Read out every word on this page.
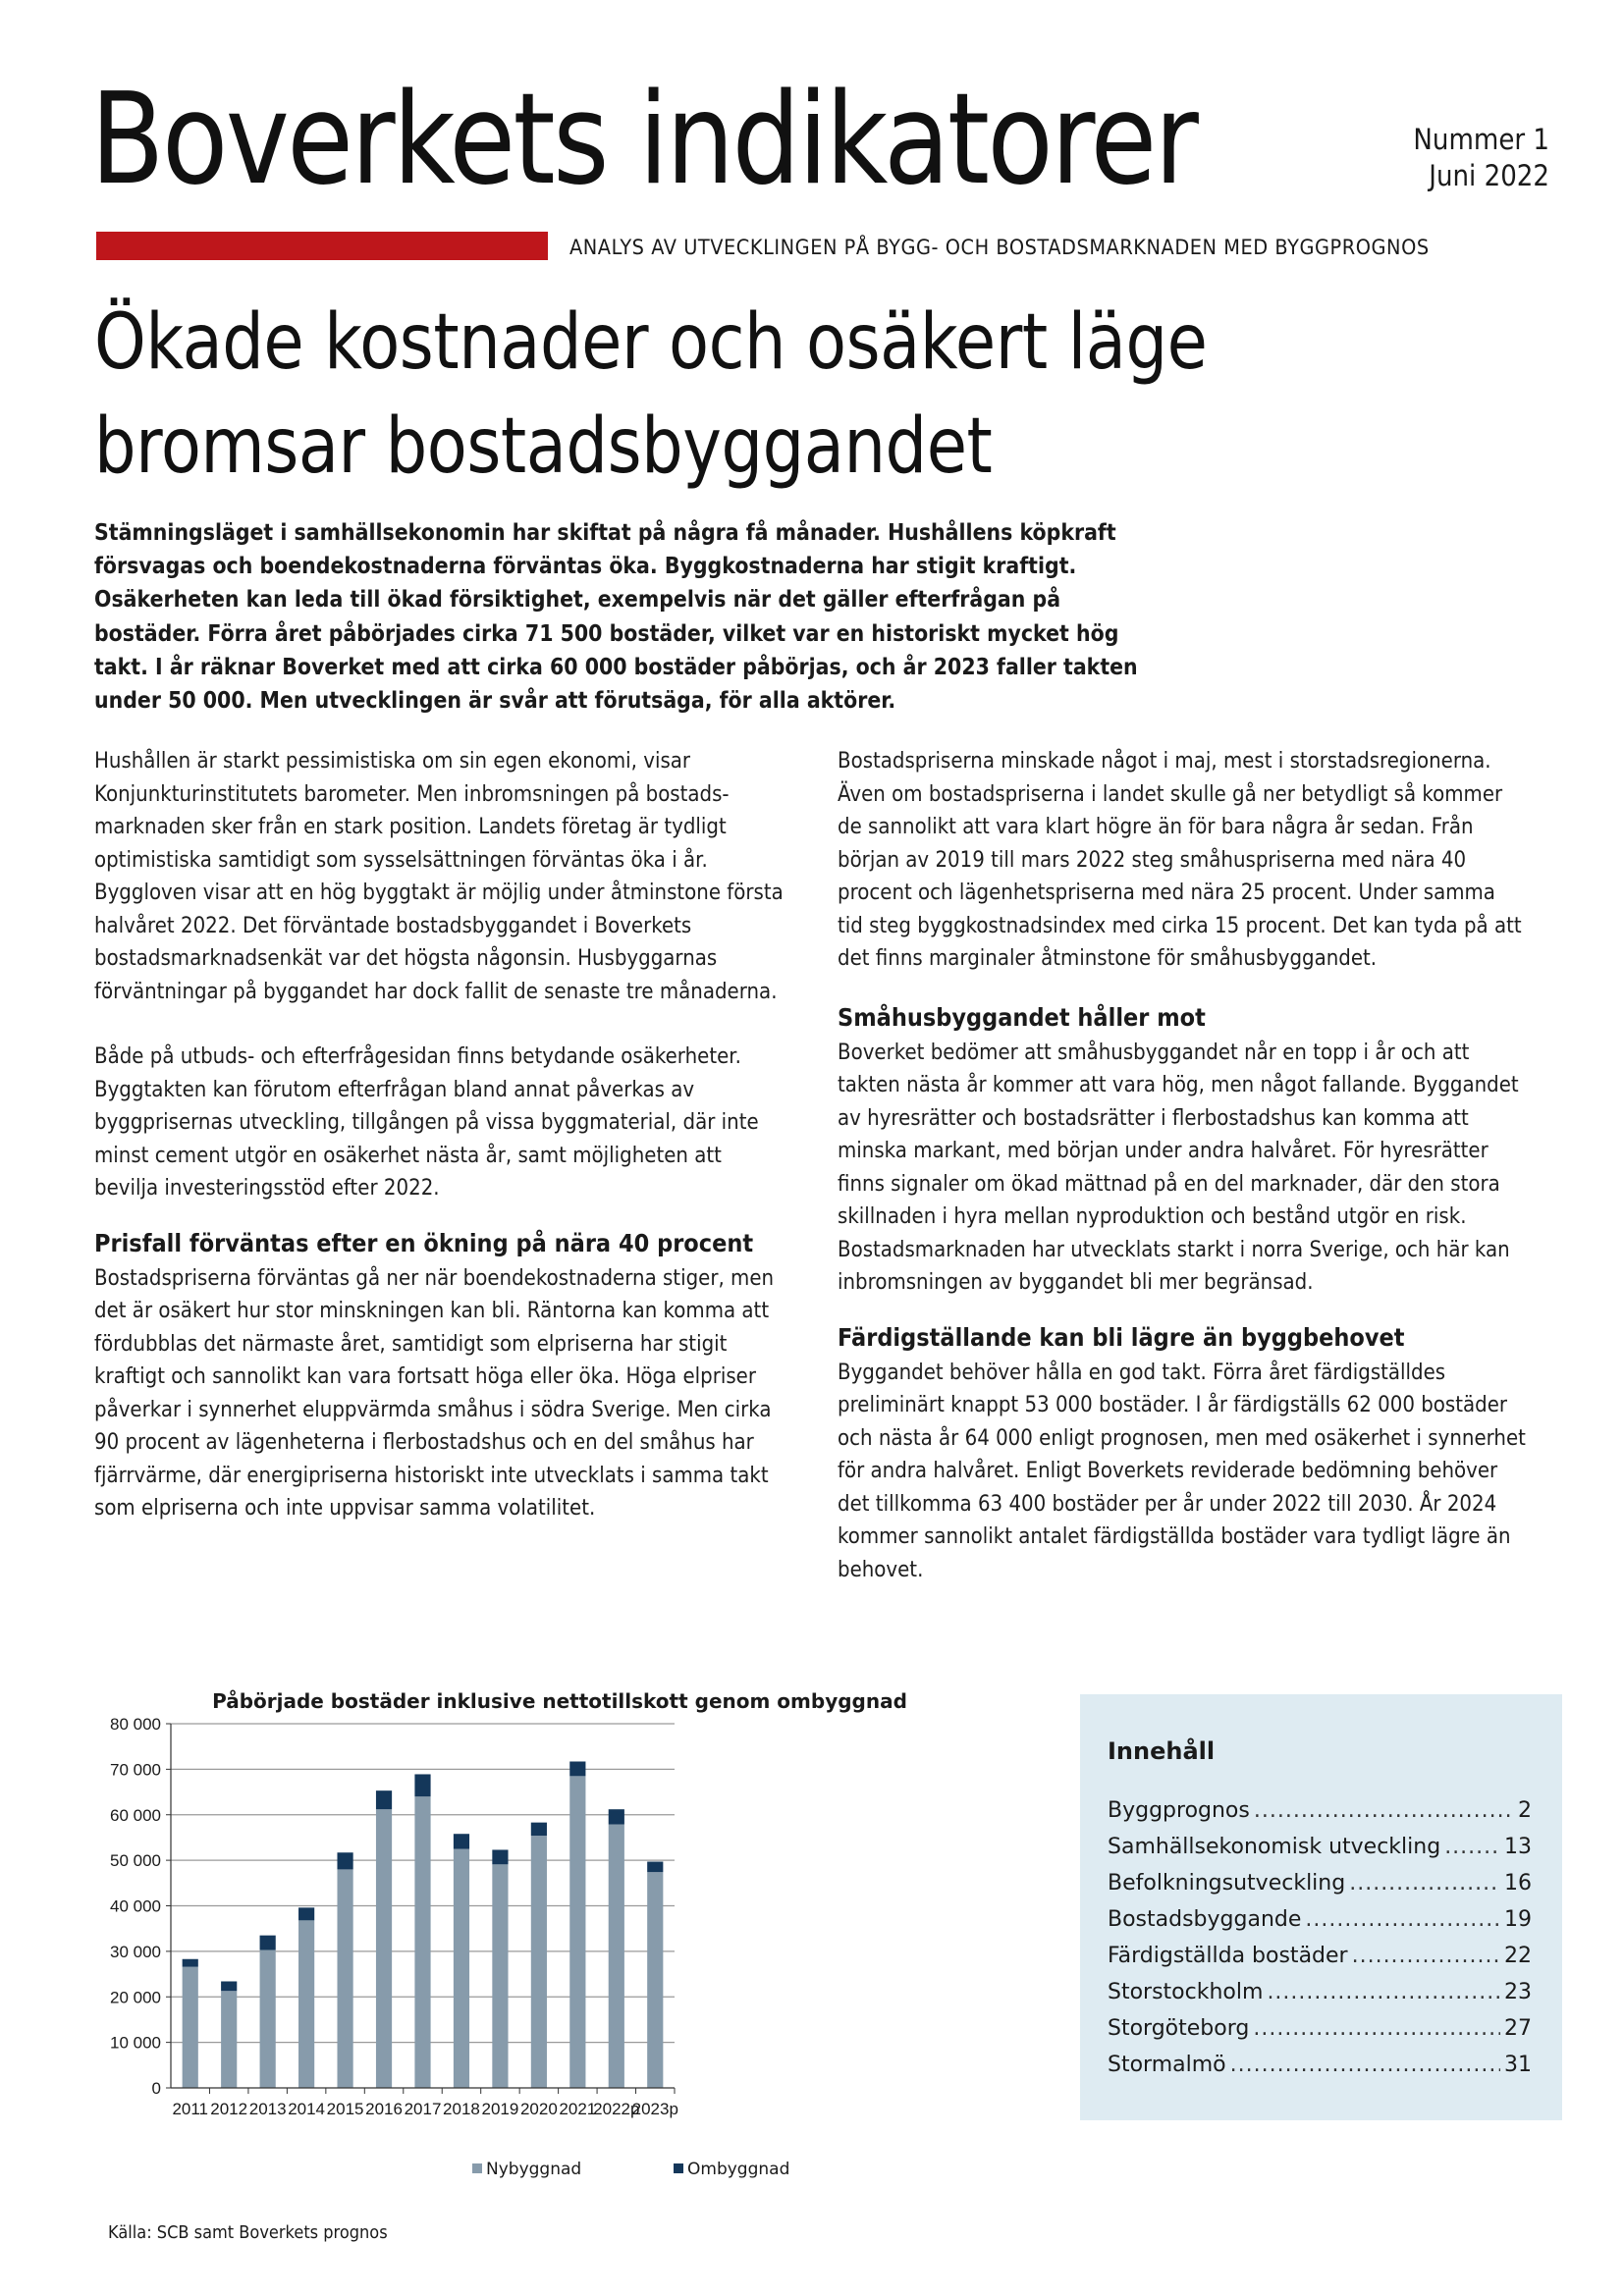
Boverkets indikatorer	Nummer 1
Juni 2022
ANALYS AV UTVECKLINGEN PÅ BYGG- OCH BOSTADSMARKNADEN MED BYGGPROGNOS
Ökade kostnader och osäkert läge
bromsar bostadsbyggandet
Stämningsläget i samhällsekonomin har skiftat på några få månader. Hushållens köpkraft försvagas och boendekostnaderna förväntas öka. Byggkostnaderna har stigit kraftigt. Osäkerheten kan leda till ökad försiktighet, exempelvis när det gäller efterfrågan på bostäder. Förra året påbörjades cirka 71 500 bostäder, vilket var en historiskt mycket hög takt. I år räknar Boverket med att cirka 60 000 bostäder påbörjas, och år 2023 faller takten under 50 000. Men utvecklingen är svår att förutsäga, för alla aktörer.

Hushållen är starkt pessimistiska om sin egen ekonomi, visar Konjunkturinstitutets barometer. Men inbromsningen på bostadsmarknaden sker från en stark position. Landets företag är tydligt optimistiska samtidigt som sysselsättningen förväntas öka i år. Byggloven visar att en hög byggtakt är möjlig under åtminstone första halvåret 2022. Det förväntade bostadsbyggandet i Boverkets bostadsmarknadsenkät var det högsta någonsin. Husbyggarnas förväntningar på byggandet har dock fallit de senaste tre månaderna.

Både på utbuds- och efterfrågesidan finns betydande osäkerheter. Byggtakten kan förutom efterfrågan bland annat påverkas av byggprisernas utveckling, tillgången på vissa byggmaterial, där inte minst cement utgör en osäkerhet nästa år, samt möjligheten att bevilja investeringsstöd efter 2022.

Prisfall förväntas efter en ökning på nära 40 procent

Bostadspriserna förväntas gå ner när boendekostnaderna stiger, men det är osäkert hur stor minskningen kan bli. Räntorna kan komma att fördubblas det närmaste året, samtidigt som elpriserna har stigit kraftigt och sannolikt kan vara fortsatt höga eller öka. Höga elpriser påverkar i synnerhet eluppvärmda småhus i södra Sverige. Men cirka 90 procent av lägenheterna i flerbostadshus och en del småhus har fjärrvärme, där energipriserna historiskt inte utvecklats i samma takt som elpriserna och inte uppvisar samma volatilitet.

Bostadspriserna minskade något i maj, mest i storstadsregionerna. Även om bostadspriserna i landet skulle gå ner betydligt så kommer de sannolikt att vara klart högre än för bara några år sedan. Från början av 2019 till mars 2022 steg småhuspriserna med nära 40 procent och lägenhetspriserna med nära 25 procent. Under samma tid steg byggkostnadsindex med cirka 15 procent. Det kan tyda på att det finns marginaler åtminstone för småhusbyggandet.

Småhusbyggandet håller mot

Boverket bedömer att småhusbyggandet når en topp i år och att takten nästa år kommer att vara hög, men något fallande. Byggandet av hyresrätter och bostadsrätter i flerbostadshus kan komma att minska markant, med början under andra halvåret. För hyresrätter finns signaler om ökad mättnad på en del marknader, där den stora skillnaden i hyra mellan nyproduktion och bestånd utgör en risk. Bostadsmarknaden har utvecklats starkt i norra Sverige, och här kan inbromsningen av byggandet bli mer begränsad.

Färdigställande kan bli lägre än byggbehovet

Byggandet behöver hålla en god takt. Förra året färdigställdes preliminärt knappt 53 000 bostäder. I år färdigställs 62 000 bostäder och nästa år 64 000 enligt prognosen, men med osäkerhet i synnerhet för andra halvåret. Enligt Boverkets reviderade bedömning behöver det tillkomma 63 400 bostäder per år under 2022 till 2030. År 2024 kommer sannolikt antalet färdigställda bostäder vara tydligt lägre än behovet.

Påbörjade bostäder inklusive nettotillskott genom ombyggnad
0
10 000
20 000
30 000
40 000
50 000
60 000
70 000
80 000
2011 2012 2013 2014 2015 2016 2017 2018 2019 2020 2021
2022p
2023p
Nybyggnad	Ombyggnad
Källa: SCB samt Boverkets prognos
Innehåll
Byggprognos .....	2
Samhällsekonomisk utveckling .....	13
Befolkningsutveckling .....	16
Bostadsbyggande .....	19
Färdigställda bostäder .....	22
Storstockholm .....	23
Storgöteborg .....	27
Stormalmö .....	31
